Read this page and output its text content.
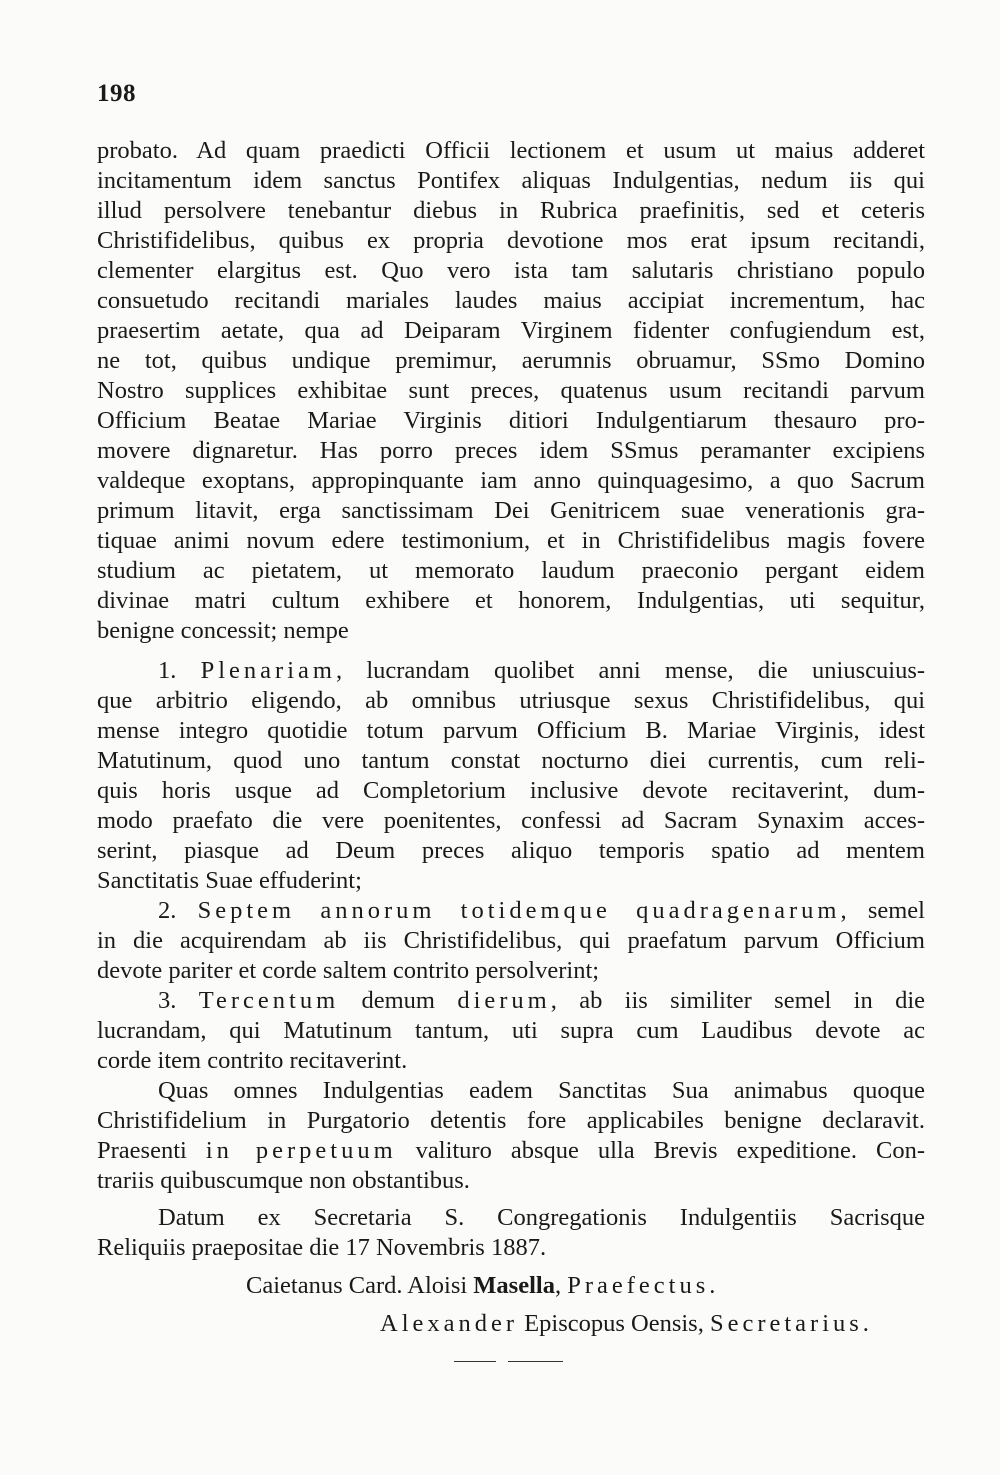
198
probato. Ad quam praedicti Officii lectionem et usum ut maius adderet
incitamentum idem sanctus Pontifex aliquas Indulgentias, nedum iis qui
illud persolvere tenebantur diebus in Rubrica praefinitis, sed et ceteris
Christifidelibus, quibus ex propria devotione mos erat ipsum recitandi,
clementer elargitus est. Quo vero ista tam salutaris christiano populo
consuetudo recitandi mariales laudes maius accipiat incrementum, hac
praesertim aetate, qua ad Deiparam Virginem fidenter confugiendum est,
ne tot, quibus undique premimur, aerumnis obruamur, SSmo Domino
Nostro supplices exhibitae sunt preces, quatenus usum recitandi parvum
Officium Beatae Mariae Virginis ditiori Indulgentiarum thesauro pro-
movere dignaretur. Has porro preces idem SSmus peramanter excipiens
valdeque exoptans, appropinquante iam anno quinquagesimo, a quo Sacrum
primum litavit, erga sanctissimam Dei Genitricem suae venerationis gra-
tiquae animi novum edere testimonium, et in Christifidelibus magis fovere
studium ac pietatem, ut memorato laudum praeconio pergant eidem
divinae matri cultum exhibere et honorem, Indulgentias, uti sequitur,
benigne concessit; nempe
1. Plenariam, lucrandam quolibet anni mense, die uniuscuius-
que arbitrio eligendo, ab omnibus utriusque sexus Christifidelibus, qui
mense integro quotidie totum parvum Officium B. Mariae Virginis, idest
Matutinum, quod uno tantum constat nocturno diei currentis, cum reli-
quis horis usque ad Completorium inclusive devote recitaverint, dum-
modo praefato die vere poenitentes, confessi ad Sacram Synaxim acces-
serint, piasque ad Deum preces aliquo temporis spatio ad mentem
Sanctitatis Suae effuderint;
2. Septem annorum totidemque quadragenarum, semel
in die acquirendam ab iis Christifidelibus, qui praefatum parvum Officium
devote pariter et corde saltem contrito persolverint;
3. Tercentum demum dierum, ab iis similiter semel in die
lucrandam, qui Matutinum tantum, uti supra cum Laudibus devote ac
corde item contrito recitaverint.
Quas omnes Indulgentias eadem Sanctitas Sua animabus quoque
Christifidelium in Purgatorio detentis fore applicabiles benigne declaravit.
Praesenti in perpetuum valituro absque ulla Brevis expeditione. Con-
trariis quibuscumque non obstantibus.
Datum ex Secretaria S. Congregationis Indulgentiis Sacrisque
Reliquiis praepositae die 17 Novembris 1887.
Caietanus Card. Aloisi Masella, Praefectus.
Alexander Episcopus Oensis, Secretarius.
